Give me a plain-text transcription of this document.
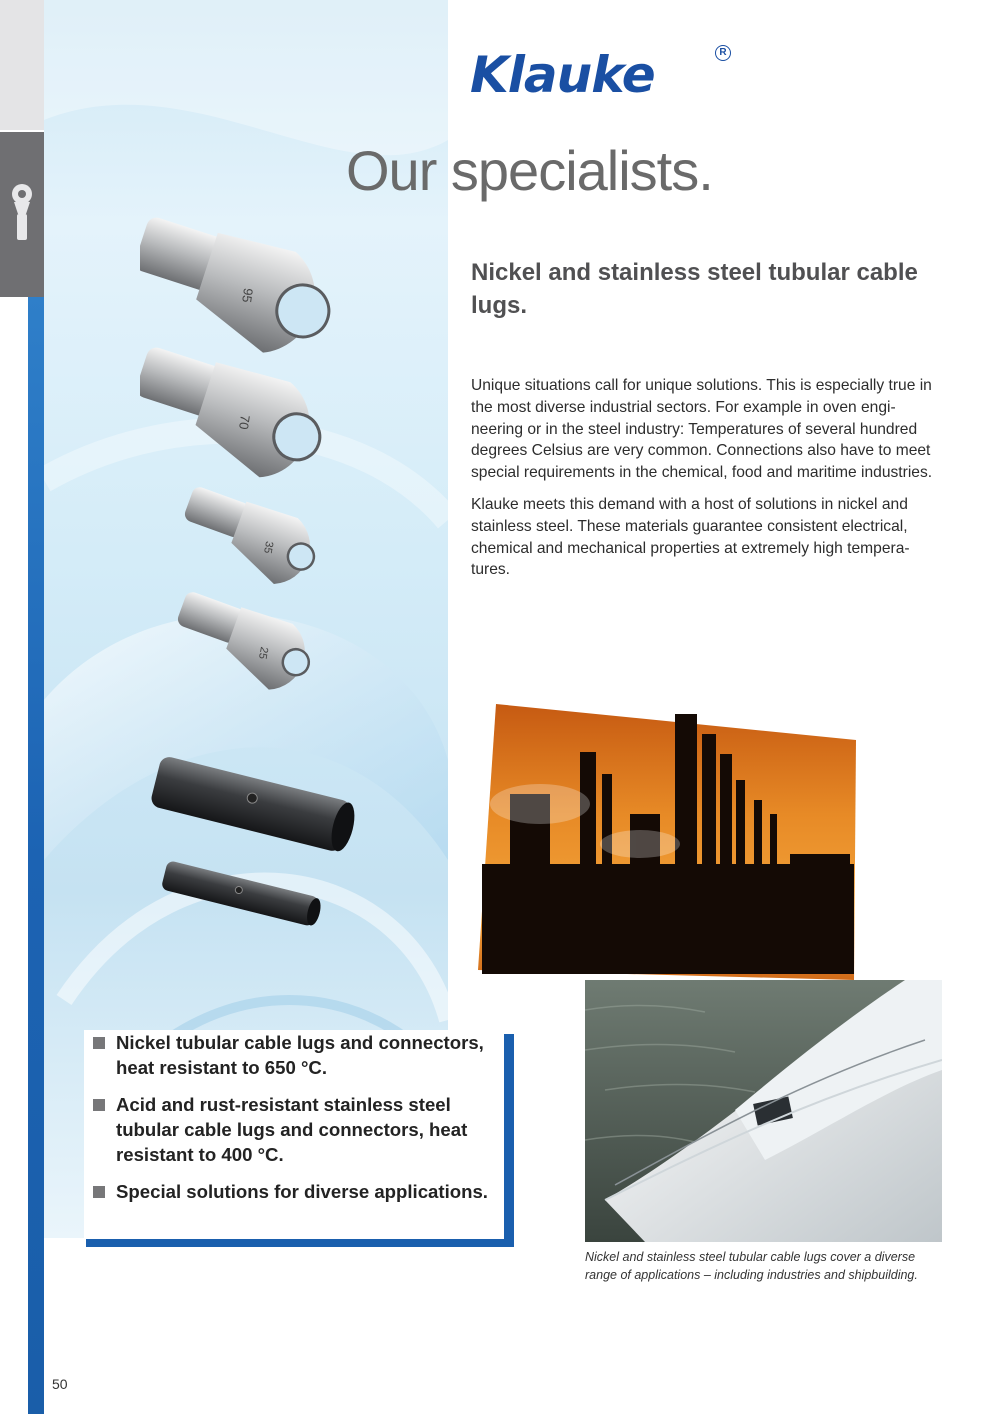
Klauke	R
Our specialists.
Nickel and stainless steel tubular cable lugs.

Unique situations call for unique solutions. This is especially true in the most diverse industrial sectors. For example in oven engineering or in the steel industry: Temperatures of several hundred degrees Celsius are very common. Connections also have to meet special requirements in the chemical, food and maritime industries.

Klauke meets this demand with a host of solutions in nickel and stainless steel. These materials guarantee consistent electrical, chemical and mechanical properties at extremely high temperatures.

95
70
35
25

Nickel and stainless steel tubular cable lugs cover a diverse range of applications – including industries and shipbuilding.

Nickel tubular cable lugs and connectors, heat resistant to 650 °C.
Acid and rust-resistant stainless steel tubular cable lugs and connectors, heat resistant to 400 °C.
Special solutions for diverse applications.
50
